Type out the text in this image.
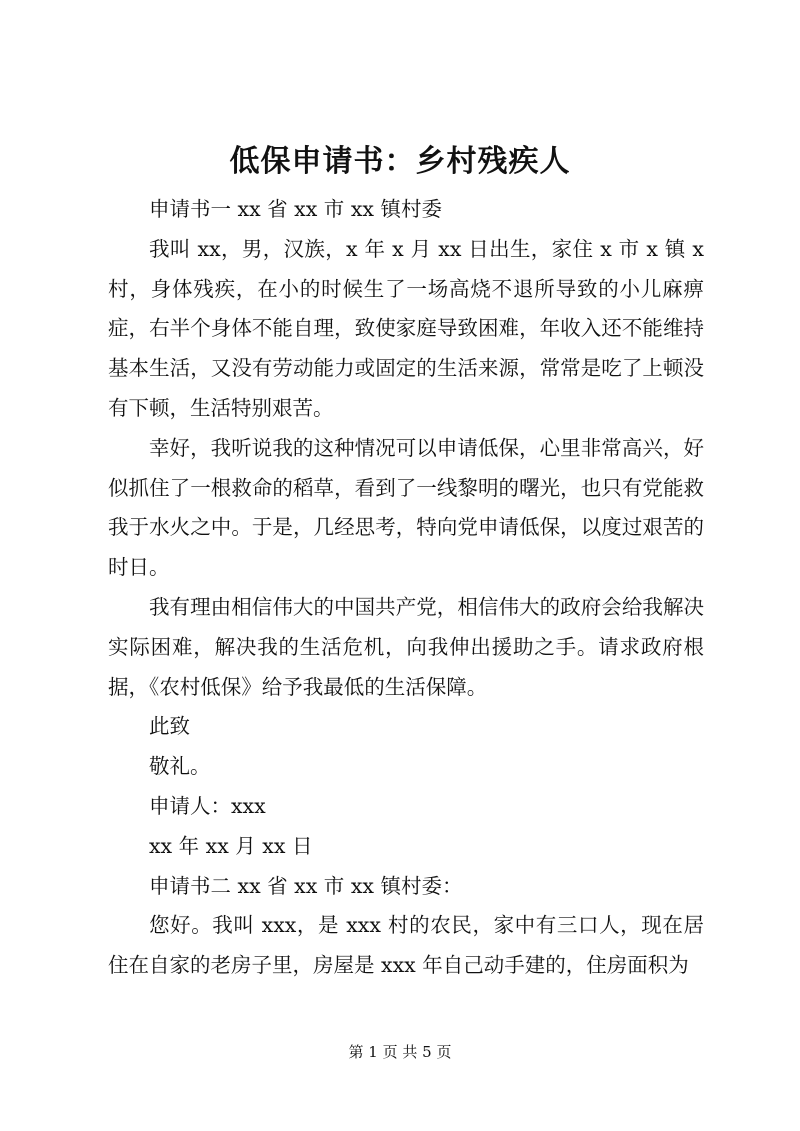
低保申请书：乡村残疾人

申请书一 xx 省 xx 市 xx 镇村委

我叫 xx，男，汉族，x 年 x 月 xx 日出生，家住 x 市 x 镇 x 村，身体残疾，在小的时候生了一场高烧不退所导致的小儿麻痹症，右半个身体不能自理，致使家庭导致困难，年收入还不能维持基本生活，又没有劳动能力或固定的生活来源，常常是吃了上顿没有下顿，生活特别艰苦。

幸好，我听说我的这种情况可以申请低保，心里非常高兴，好似抓住了一根救命的稻草，看到了一线黎明的曙光，也只有党能救我于水火之中。于是，几经思考，特向党申请低保，以度过艰苦的时日。

我有理由相信伟大的中国共产党，相信伟大的政府会给我解决实际困难，解决我的生活危机，向我伸出援助之手。请求政府根据，《农村低保》给予我最低的生活保障。

此致

敬礼。

申请人：xxx

xx 年 xx 月 xx 日

申请书二 xx 省 xx 市 xx 镇村委：

您好。我叫 xxx，是 xxx 村的农民，家中有三口人，现在居住在自家的老房子里，房屋是 xxx 年自己动手建的，住房面积为

第 1 页 共 5 页
